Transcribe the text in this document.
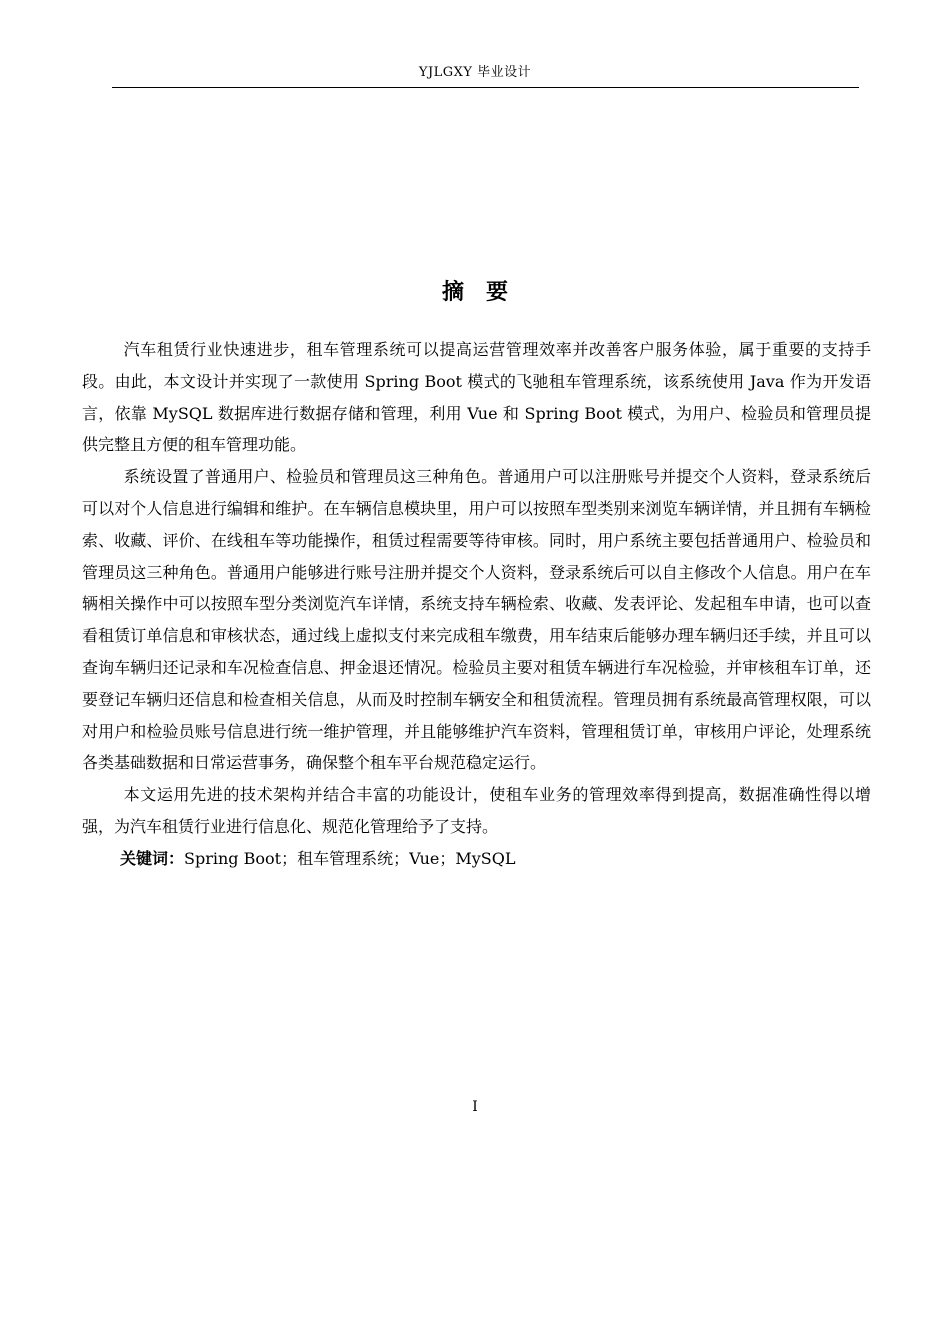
YJLGXY 毕业设计
摘要

汽车租赁行业快速进步，租车管理系统可以提高运营管理效率并改善客户服务体验，属于重要的支持手段。由此，本文设计并实现了一款使用 Spring Boot 模式的飞驰租车管理系统，该系统使用 Java 作为开发语言，依靠 MySQL 数据库进行数据存储和管理，利用 Vue 和 Spring Boot 模式，为用户、检验员和管理员提供完整且方便的租车管理功能。

系统设置了普通用户、检验员和管理员这三种角色。普通用户可以注册账号并提交个人资料，登录系统后可以对个人信息进行编辑和维护。在车辆信息模块里，用户可以按照车型类别来浏览车辆详情，并且拥有车辆检索、收藏、评价、在线租车等功能操作，租赁过程需要等待审核。同时，用户系统主要包括普通用户、检验员和管理员这三种角色。普通用户能够进行账号注册并提交个人资料，登录系统后可以自主修改个人信息。用户在车辆相关操作中可以按照车型分类浏览汽车详情，系统支持车辆检索、收藏、发表评论、发起租车申请，也可以查看租赁订单信息和审核状态，通过线上虚拟支付来完成租车缴费，用车结束后能够办理车辆归还手续，并且可以查询车辆归还记录和车况检查信息、押金退还情况。检验员主要对租赁车辆进行车况检验，并审核租车订单，还要登记车辆归还信息和检查相关信息，从而及时控制车辆安全和租赁流程。管理员拥有系统最高管理权限，可以对用户和检验员账号信息进行统一维护管理，并且能够维护汽车资料，管理租赁订单，审核用户评论，处理系统各类基础数据和日常运营事务，确保整个租车平台规范稳定运行。

本文运用先进的技术架构并结合丰富的功能设计，使租车业务的管理效率得到提高，数据准确性得以增强，为汽车租赁行业进行信息化、规范化管理给予了支持。

关键词：Spring Boot；租车管理系统；Vue；MySQL

I
